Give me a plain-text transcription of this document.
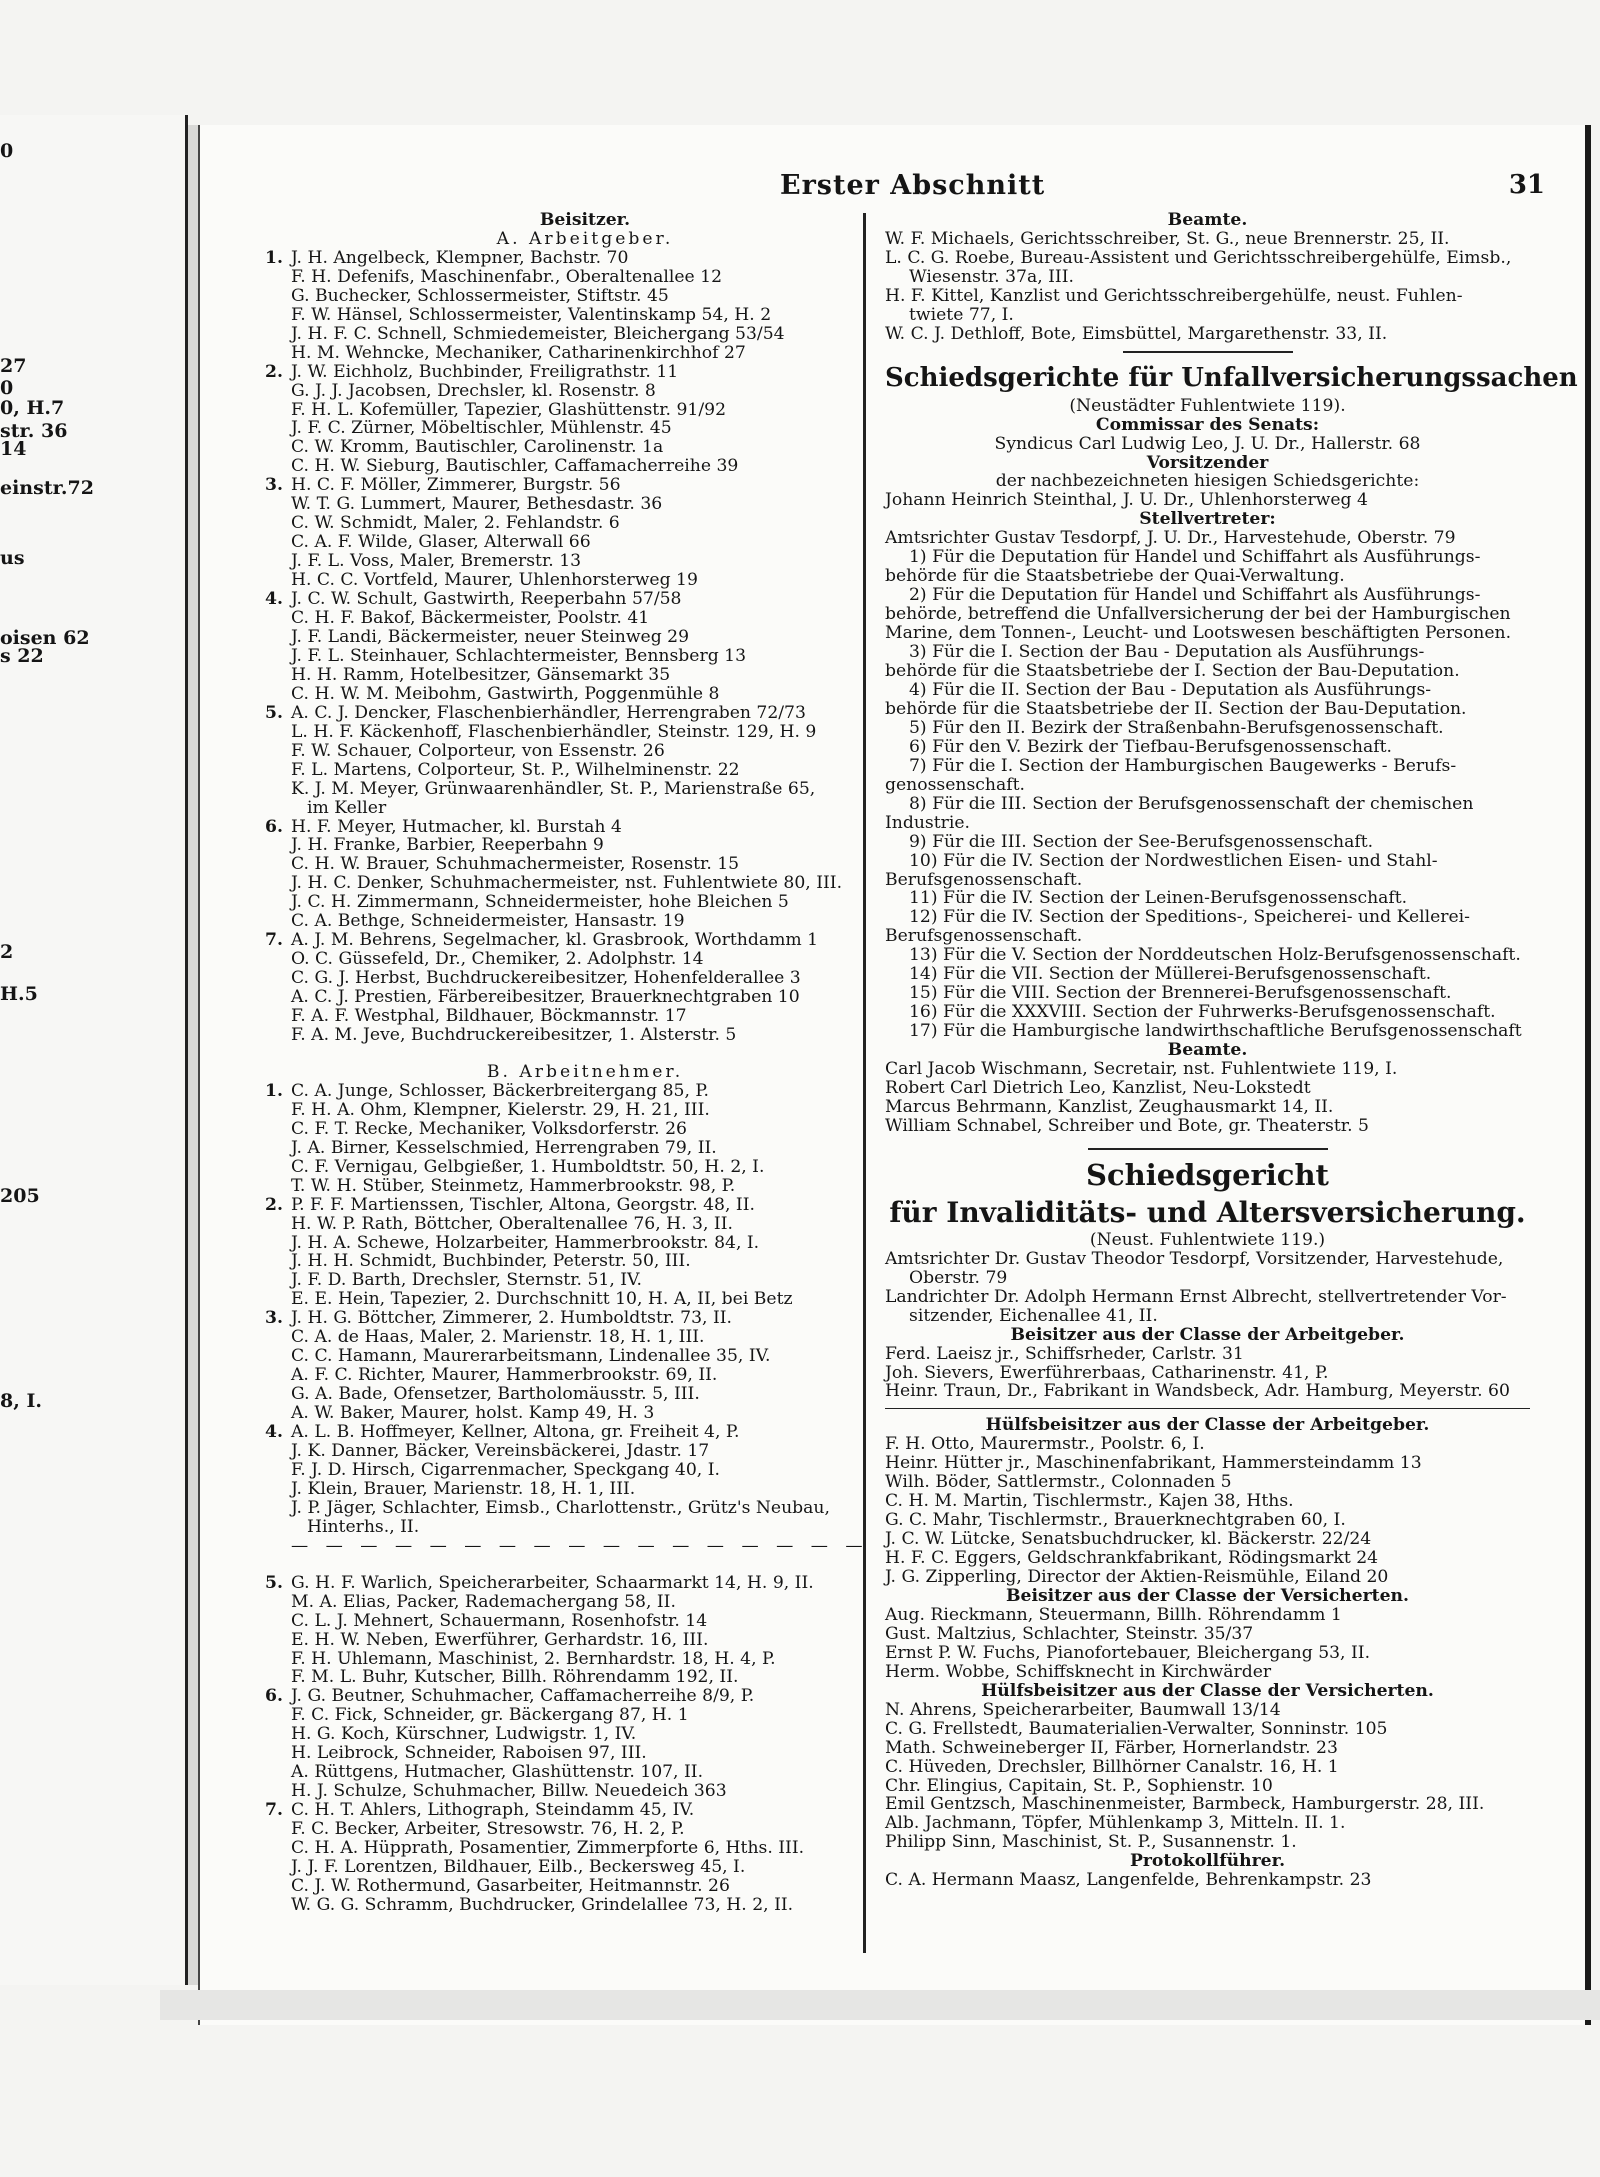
0
27
0
0, H.7
str. 36
14
einstr.72
us
oisen 62
s 22
2
H.5
205
8, I.
Erster Abschnitt	31
Beisitzer.
A. Arbeitgeber.
1. J. H. Angelbeck, Klempner, Bachstr. 70
F. H. Defenifs, Maschinenfabr., Oberaltenallee 12
G. Buchecker, Schlossermeister, Stiftstr. 45
F. W. Hänsel, Schlossermeister, Valentinskamp 54, H. 2
J. H. F. C. Schnell, Schmiedemeister, Bleichergang 53/54
H. M. Wehncke, Mechaniker, Catharinenkirchhof 27
2. J. W. Eichholz, Buchbinder, Freiligrathstr. 11
G. J. J. Jacobsen, Drechsler, kl. Rosenstr. 8
F. H. L. Kofemüller, Tapezier, Glashüttenstr. 91/92
J. F. C. Zürner, Möbeltischler, Mühlenstr. 45
C. W. Kromm, Bautischler, Carolinenstr. 1a
C. H. W. Sieburg, Bautischler, Caffamacherreihe 39
3. H. C. F. Möller, Zimmerer, Burgstr. 56
W. T. G. Lummert, Maurer, Bethesdastr. 36
C. W. Schmidt, Maler, 2. Fehlandstr. 6
C. A. F. Wilde, Glaser, Alterwall 66
J. F. L. Voss, Maler, Bremerstr. 13
H. C. C. Vortfeld, Maurer, Uhlenhorsterweg 19
4. J. C. W. Schult, Gastwirth, Reeperbahn 57/58
C. H. F. Bakof, Bäckermeister, Poolstr. 41
J. F. Landi, Bäckermeister, neuer Steinweg 29
J. F. L. Steinhauer, Schlachtermeister, Bennsberg 13
H. H. Ramm, Hotelbesitzer, Gänsemarkt 35
C. H. W. M. Meibohm, Gastwirth, Poggenmühle 8
5. A. C. J. Dencker, Flaschenbierhändler, Herrengraben 72/73
L. H. F. Käckenhoff, Flaschenbierhändler, Steinstr. 129, H. 9
F. W. Schauer, Colporteur, von Essenstr. 26
F. L. Martens, Colporteur, St. P., Wilhelminenstr. 22
K. J. M. Meyer, Grünwaarenhändler, St. P., Marienstraße 65,
im Keller
6. H. F. Meyer, Hutmacher, kl. Burstah 4
J. H. Franke, Barbier, Reeperbahn 9
C. H. W. Brauer, Schuhmachermeister, Rosenstr. 15
J. H. C. Denker, Schuhmachermeister, nst. Fuhlentwiete 80, III.
J. C. H. Zimmermann, Schneidermeister, hohe Bleichen 5
C. A. Bethge, Schneidermeister, Hansastr. 19
7. A. J. M. Behrens, Segelmacher, kl. Grasbrook, Worthdamm 1
O. C. Güssefeld, Dr., Chemiker, 2. Adolphstr. 14
C. G. J. Herbst, Buchdruckereibesitzer, Hohenfelderallee 3
A. C. J. Prestien, Färbereibesitzer, Brauerknechtgraben 10
F. A. F. Westphal, Bildhauer, Böckmannstr. 17
F. A. M. Jeve, Buchdruckereibesitzer, 1. Alsterstr. 5
B. Arbeitnehmer.
1. C. A. Junge, Schlosser, Bäckerbreitergang 85, P.
F. H. A. Ohm, Klempner, Kielerstr. 29, H. 21, III.
C. F. T. Recke, Mechaniker, Volksdorferstr. 26
J. A. Birner, Kesselschmied, Herrengraben 79, II.
C. F. Vernigau, Gelbgießer, 1. Humboldtstr. 50, H. 2, I.
T. W. H. Stüber, Steinmetz, Hammerbrookstr. 98, P.
2. P. F. F. Martienssen, Tischler, Altona, Georgstr. 48, II.
H. W. P. Rath, Böttcher, Oberaltenallee 76, H. 3, II.
J. H. A. Schewe, Holzarbeiter, Hammerbrookstr. 84, I.
J. H. H. Schmidt, Buchbinder, Peterstr. 50, III.
J. F. D. Barth, Drechsler, Sternstr. 51, IV.
E. E. Hein, Tapezier, 2. Durchschnitt 10, H. A, II, bei Betz
3. J. H. G. Böttcher, Zimmerer, 2. Humboldtstr. 73, II.
C. A. de Haas, Maler, 2. Marienstr. 18, H. 1, III.
C. C. Hamann, Maurerarbeitsmann, Lindenallee 35, IV.
A. F. C. Richter, Maurer, Hammerbrookstr. 69, II.
G. A. Bade, Ofensetzer, Bartholomäusstr. 5, III.
A. W. Baker, Maurer, holst. Kamp 49, H. 3
4. A. L. B. Hoffmeyer, Kellner, Altona, gr. Freiheit 4, P.
J. K. Danner, Bäcker, Vereinsbäckerei, Jdastr. 17
F. J. D. Hirsch, Cigarrenmacher, Speckgang 40, I.
J. Klein, Brauer, Marienstr. 18, H. 1, III.
J. P. Jäger, Schlachter, Eimsb., Charlottenstr., Grütz's Neubau,
Hinterhs., II.
— — — — — — — — — — — — — — — — —
5. G. H. F. Warlich, Speicherarbeiter, Schaarmarkt 14, H. 9, II.
M. A. Elias, Packer, Rademachergang 58, II.
C. L. J. Mehnert, Schauermann, Rosenhofstr. 14
E. H. W. Neben, Ewerführer, Gerhardstr. 16, III.
F. H. Uhlemann, Maschinist, 2. Bernhardstr. 18, H. 4, P.
F. M. L. Buhr, Kutscher, Billh. Röhrendamm 192, II.
6. J. G. Beutner, Schuhmacher, Caffamacherreihe 8/9, P.
F. C. Fick, Schneider, gr. Bäckergang 87, H. 1
H. G. Koch, Kürschner, Ludwigstr. 1, IV.
H. Leibrock, Schneider, Raboisen 97, III.
A. Rüttgens, Hutmacher, Glashüttenstr. 107, II.
H. J. Schulze, Schuhmacher, Billw. Neuedeich 363
7. C. H. T. Ahlers, Lithograph, Steindamm 45, IV.
F. C. Becker, Arbeiter, Stresowstr. 76, H. 2, P.
C. H. A. Hüpprath, Posamentier, Zimmerpforte 6, Hths. III.
J. J. F. Lorentzen, Bildhauer, Eilb., Beckersweg 45, I.
C. J. W. Rothermund, Gasarbeiter, Heitmannstr. 26
W. G. G. Schramm, Buchdrucker, Grindelallee 73, H. 2, II.
Beamte.
W. F. Michaels, Gerichtsschreiber, St. G., neue Brennerstr. 25, II.
L. C. G. Roebe, Bureau-Assistent und Gerichtsschreibergehülfe, Eimsb.,
Wiesenstr. 37a, III.
H. F. Kittel, Kanzlist und Gerichtsschreibergehülfe, neust. Fuhlen-
twiete 77, I.
W. C. J. Dethloff, Bote, Eimsbüttel, Margarethenstr. 33, II.
Schiedsgerichte für Unfallversicherungssachen
(Neustädter Fuhlentwiete 119).
Commissar des Senats:
Syndicus Carl Ludwig Leo, J. U. Dr., Hallerstr. 68
Vorsitzender
der nachbezeichneten hiesigen Schiedsgerichte:
Johann Heinrich Steinthal, J. U. Dr., Uhlenhorsterweg 4
Stellvertreter:
Amtsrichter Gustav Tesdorpf, J. U. Dr., Harvestehude, Oberstr. 79
1) Für die Deputation für Handel und Schiffahrt als Ausführungs-
behörde für die Staatsbetriebe der Quai-Verwaltung.
2) Für die Deputation für Handel und Schiffahrt als Ausführungs-
behörde, betreffend die Unfallversicherung der bei der Hamburgischen
Marine, dem Tonnen-, Leucht- und Lootswesen beschäftigten Personen.
3) Für die I. Section der Bau - Deputation als Ausführungs-
behörde für die Staatsbetriebe der I. Section der Bau-Deputation.
4) Für die II. Section der Bau - Deputation als Ausführungs-
behörde für die Staatsbetriebe der II. Section der Bau-Deputation.
5) Für den II. Bezirk der Straßenbahn-Berufsgenossenschaft.
6) Für den V. Bezirk der Tiefbau-Berufsgenossenschaft.
7) Für die I. Section der Hamburgischen Baugewerks - Berufs-
genossenschaft.
8) Für die III. Section der Berufsgenossenschaft der chemischen
Industrie.
9) Für die III. Section der See-Berufsgenossenschaft.
10) Für die IV. Section der Nordwestlichen Eisen- und Stahl-
Berufsgenossenschaft.
11) Für die IV. Section der Leinen-Berufsgenossenschaft.
12) Für die IV. Section der Speditions-, Speicherei- und Kellerei-
Berufsgenossenschaft.
13) Für die V. Section der Norddeutschen Holz-Berufsgenossenschaft.
14) Für die VII. Section der Müllerei-Berufsgenossenschaft.
15) Für die VIII. Section der Brennerei-Berufsgenossenschaft.
16) Für die XXXVIII. Section der Fuhrwerks-Berufsgenossenschaft.
17) Für die Hamburgische landwirthschaftliche Berufsgenossenschaft
Beamte.
Carl Jacob Wischmann, Secretair, nst. Fuhlentwiete 119, I.
Robert Carl Dietrich Leo, Kanzlist, Neu-Lokstedt
Marcus Behrmann, Kanzlist, Zeughausmarkt 14, II.
William Schnabel, Schreiber und Bote, gr. Theaterstr. 5
Schiedsgericht
für Invaliditäts- und Altersversicherung.
(Neust. Fuhlentwiete 119.)
Amtsrichter Dr. Gustav Theodor Tesdorpf, Vorsitzender, Harvestehude,
Oberstr. 79
Landrichter Dr. Adolph Hermann Ernst Albrecht, stellvertretender Vor-
sitzender, Eichenallee 41, II.
Beisitzer aus der Classe der Arbeitgeber.
Ferd. Laeisz jr., Schiffsrheder, Carlstr. 31
Joh. Sievers, Ewerführerbaas, Catharinenstr. 41, P.
Heinr. Traun, Dr., Fabrikant in Wandsbeck, Adr. Hamburg, Meyerstr. 60
Hülfsbeisitzer aus der Classe der Arbeitgeber.
F. H. Otto, Maurermstr., Poolstr. 6, I.
Heinr. Hütter jr., Maschinenfabrikant, Hammersteindamm 13
Wilh. Böder, Sattlermstr., Colonnaden 5
C. H. M. Martin, Tischlermstr., Kajen 38, Hths.
G. C. Mahr, Tischlermstr., Brauerknechtgraben 60, I.
J. C. W. Lütcke, Senatsbuchdrucker, kl. Bäckerstr. 22/24
H. F. C. Eggers, Geldschrankfabrikant, Rödingsmarkt 24
J. G. Zipperling, Director der Aktien-Reismühle, Eiland 20
Beisitzer aus der Classe der Versicherten.
Aug. Rieckmann, Steuermann, Billh. Röhrendamm 1
Gust. Maltzius, Schlachter, Steinstr. 35/37
Ernst P. W. Fuchs, Pianofortebauer, Bleichergang 53, II.
Herm. Wobbe, Schiffsknecht in Kirchwärder
Hülfsbeisitzer aus der Classe der Versicherten.
N. Ahrens, Speicherarbeiter, Baumwall 13/14
C. G. Frellstedt, Baumaterialien-Verwalter, Sonninstr. 105
Math. Schweineberger II, Färber, Hornerlandstr. 23
C. Hüveden, Drechsler, Billhörner Canalstr. 16, H. 1
Chr. Elingius, Capitain, St. P., Sophienstr. 10
Emil Gentzsch, Maschinenmeister, Barmbeck, Hamburgerstr. 28, III.
Alb. Jachmann, Töpfer, Mühlenkamp 3, Mitteln. II. 1.
Philipp Sinn, Maschinist, St. P., Susannenstr. 1.
Protokollführer.
C. A. Hermann Maasz, Langenfelde, Behrenkampstr. 23
